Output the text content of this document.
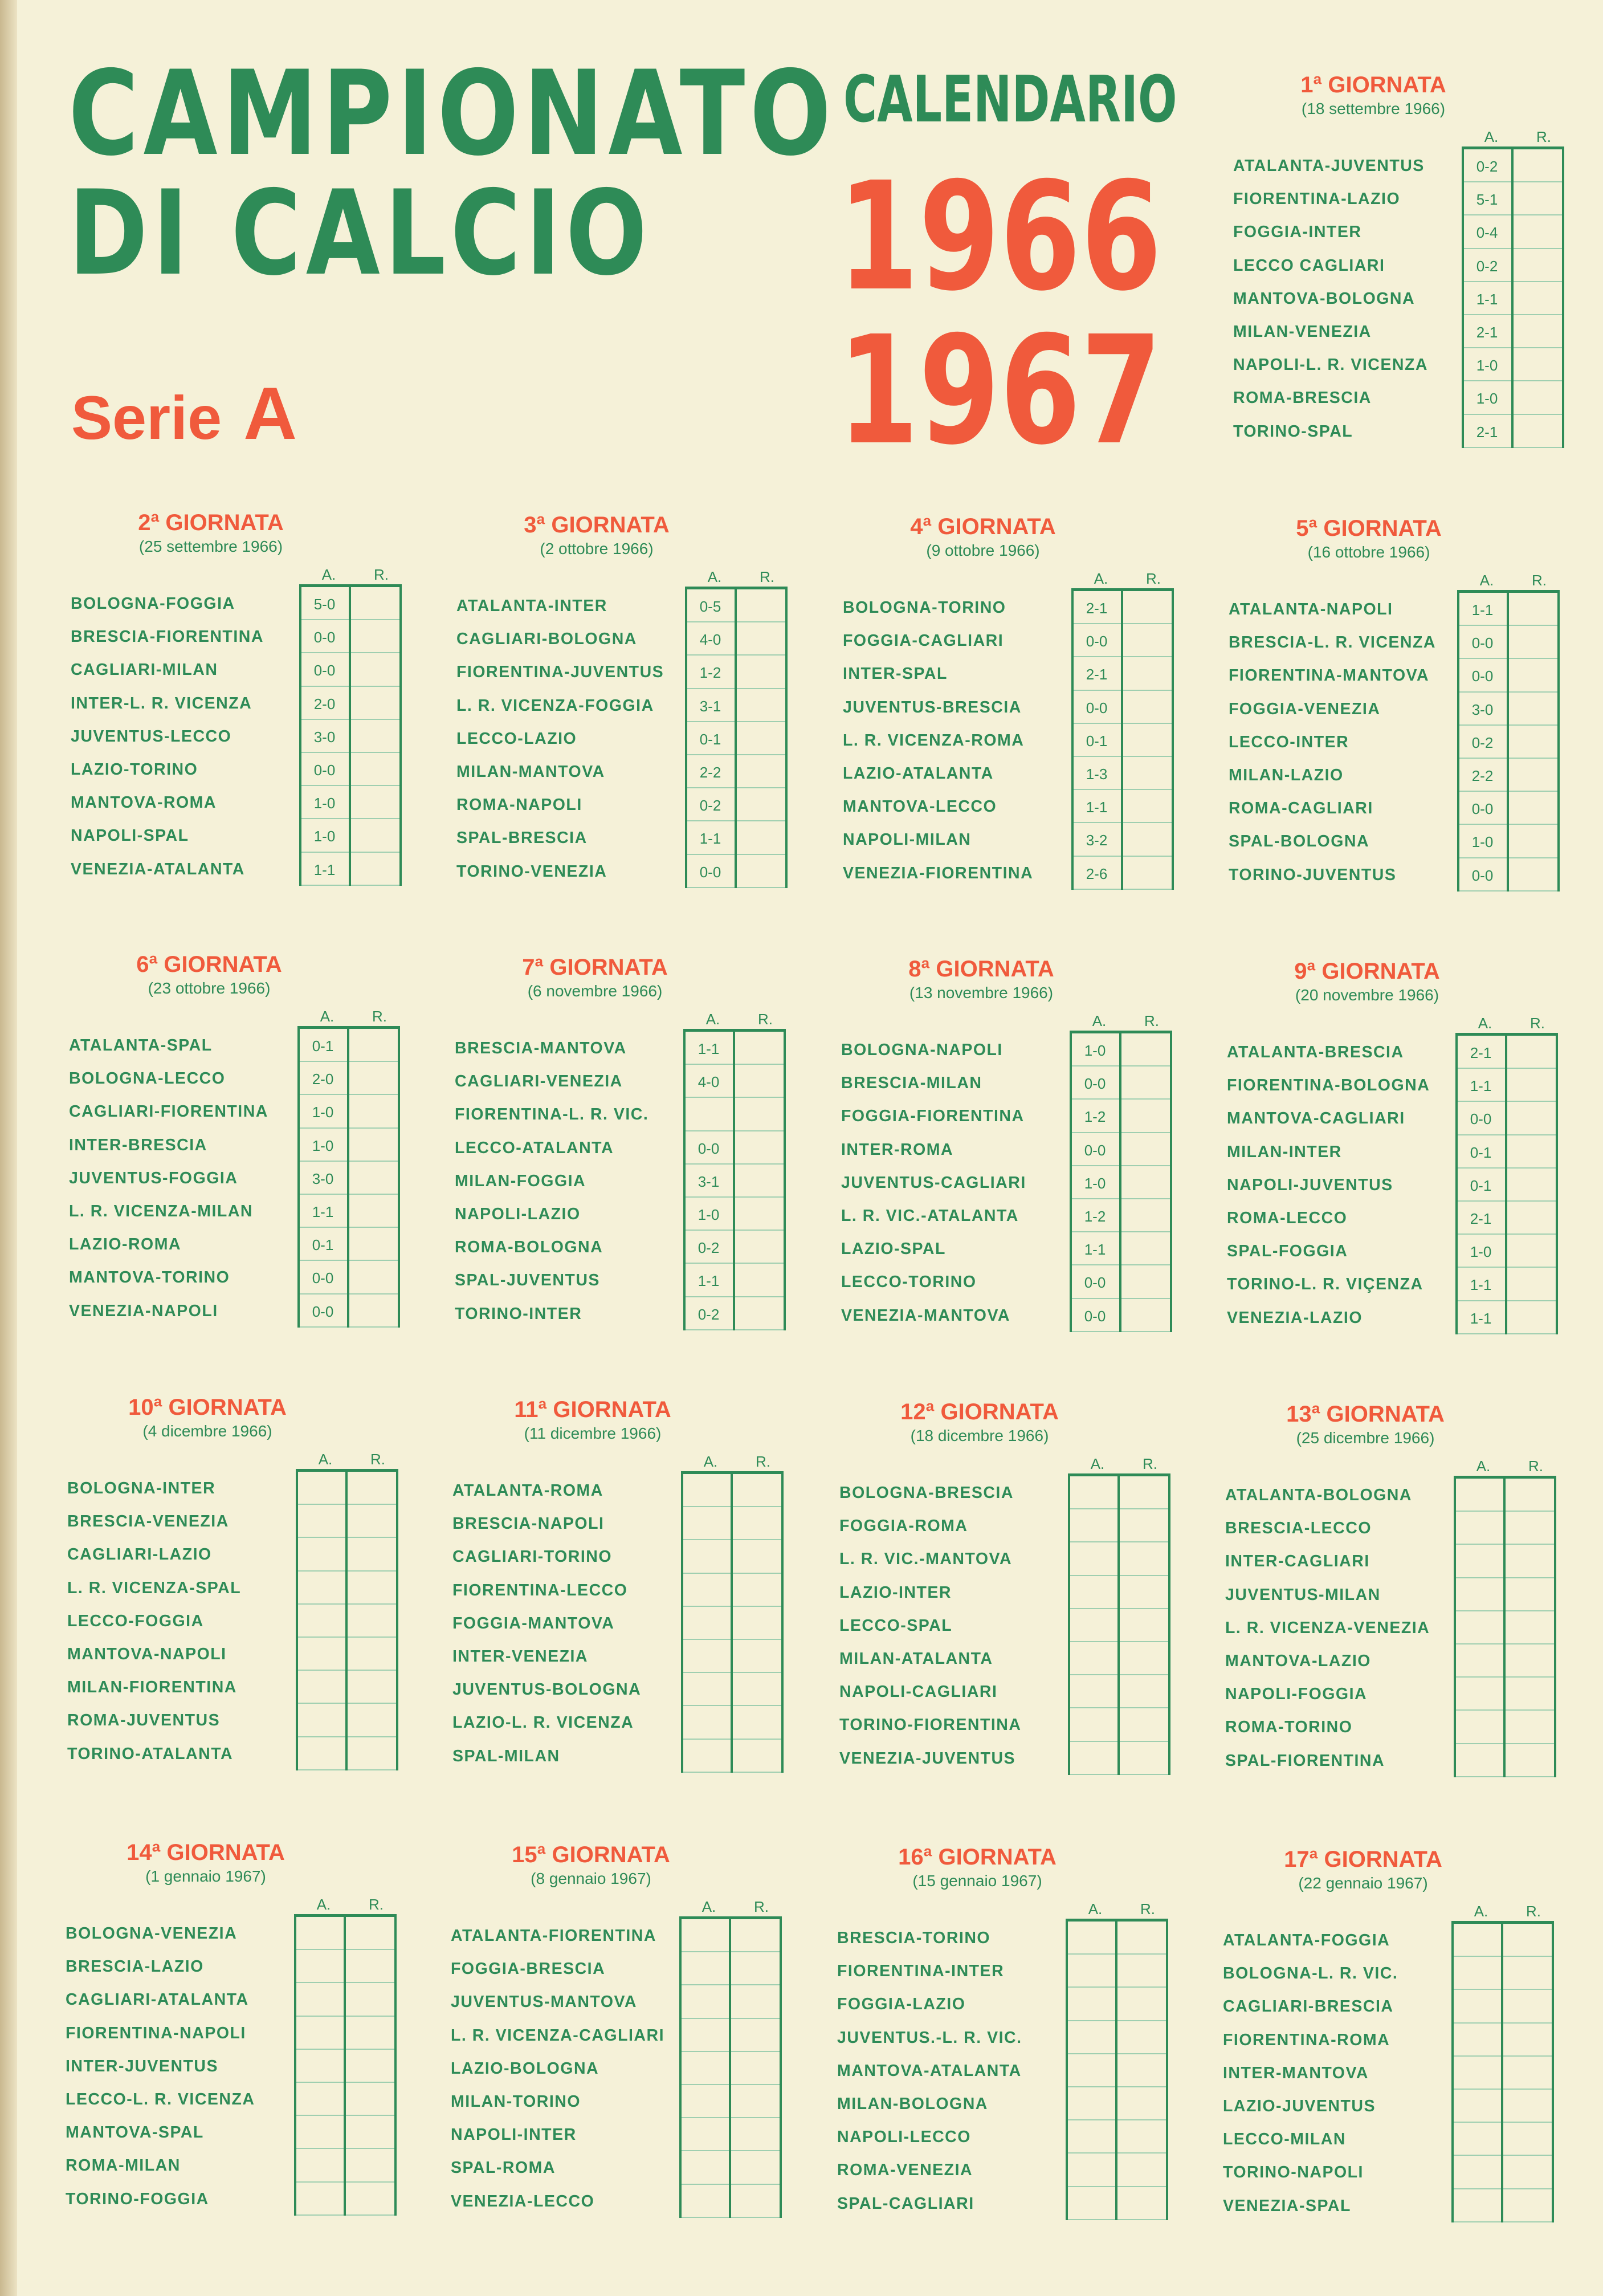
CAMPIONATO
DI CALCIO
Serie A
CALENDARIO
1966
1967
1ª GIORNATA
(18 settembre 1966)
A.	R.
ATALANTA-JUVENTUS	0-2
FIORENTINA-LAZIO	5-1
FOGGIA-INTER	0-4
LECCO CAGLIARI	0-2
MANTOVA-BOLOGNA	1-1
MILAN-VENEZIA	2-1
NAPOLI-L. R. VICENZA	1-0
ROMA-BRESCIA	1-0
TORINO-SPAL	2-1
2ª GIORNATA
(25 settembre 1966)
A.	R.
BOLOGNA-FOGGIA	5-0
BRESCIA-FIORENTINA	0-0
CAGLIARI-MILAN	0-0
INTER-L. R. VICENZA	2-0
JUVENTUS-LECCO	3-0
LAZIO-TORINO	0-0
MANTOVA-ROMA	1-0
NAPOLI-SPAL	1-0
VENEZIA-ATALANTA	1-1
3ª GIORNATA
(2 ottobre 1966)
A.	R.
ATALANTA-INTER	0-5
CAGLIARI-BOLOGNA	4-0
FIORENTINA-JUVENTUS	1-2
L. R. VICENZA-FOGGIA	3-1
LECCO-LAZIO	0-1
MILAN-MANTOVA	2-2
ROMA-NAPOLI	0-2
SPAL-BRESCIA	1-1
TORINO-VENEZIA	0-0
4ª GIORNATA
(9 ottobre 1966)
A.	R.
BOLOGNA-TORINO	2-1
FOGGIA-CAGLIARI	0-0
INTER-SPAL	2-1
JUVENTUS-BRESCIA	0-0
L. R. VICENZA-ROMA	0-1
LAZIO-ATALANTA	1-3
MANTOVA-LECCO	1-1
NAPOLI-MILAN	3-2
VENEZIA-FIORENTINA	2-6
5ª GIORNATA
(16 ottobre 1966)
A.	R.
ATALANTA-NAPOLI	1-1
BRESCIA-L. R. VICENZA	0-0
FIORENTINA-MANTOVA	0-0
FOGGIA-VENEZIA	3-0
LECCO-INTER	0-2
MILAN-LAZIO	2-2
ROMA-CAGLIARI	0-0
SPAL-BOLOGNA	1-0
TORINO-JUVENTUS	0-0
6ª GIORNATA
(23 ottobre 1966)
A.	R.
ATALANTA-SPAL	0-1
BOLOGNA-LECCO	2-0
CAGLIARI-FIORENTINA	1-0
INTER-BRESCIA	1-0
JUVENTUS-FOGGIA	3-0
L. R. VICENZA-MILAN	1-1
LAZIO-ROMA	0-1
MANTOVA-TORINO	0-0
VENEZIA-NAPOLI	0-0
7ª GIORNATA
(6 novembre 1966)
A.	R.
BRESCIA-MANTOVA	1-1
CAGLIARI-VENEZIA	4-0
FIORENTINA-L. R. VIC.
LECCO-ATALANTA	0-0
MILAN-FOGGIA	3-1
NAPOLI-LAZIO	1-0
ROMA-BOLOGNA	0-2
SPAL-JUVENTUS	1-1
TORINO-INTER	0-2
8ª GIORNATA
(13 novembre 1966)
A.	R.
BOLOGNA-NAPOLI	1-0
BRESCIA-MILAN	0-0
FOGGIA-FIORENTINA	1-2
INTER-ROMA	0-0
JUVENTUS-CAGLIARI	1-0
L. R. VIC.-ATALANTA	1-2
LAZIO-SPAL	1-1
LECCO-TORINO	0-0
VENEZIA-MANTOVA	0-0
9ª GIORNATA
(20 novembre 1966)
A.	R.
ATALANTA-BRESCIA	2-1
FIORENTINA-BOLOGNA	1-1
MANTOVA-CAGLIARI	0-0
MILAN-INTER	0-1
NAPOLI-JUVENTUS	0-1
ROMA-LECCO	2-1
SPAL-FOGGIA	1-0
TORINO-L. R. VIÇENZA	1-1
VENEZIA-LAZIO	1-1
10ª GIORNATA
(4 dicembre 1966)
A.	R.
BOLOGNA-INTER
BRESCIA-VENEZIA
CAGLIARI-LAZIO
L. R. VICENZA-SPAL
LECCO-FOGGIA
MANTOVA-NAPOLI
MILAN-FIORENTINA
ROMA-JUVENTUS
TORINO-ATALANTA
11ª GIORNATA
(11 dicembre 1966)
A.	R.
ATALANTA-ROMA
BRESCIA-NAPOLI
CAGLIARI-TORINO
FIORENTINA-LECCO
FOGGIA-MANTOVA
INTER-VENEZIA
JUVENTUS-BOLOGNA
LAZIO-L. R. VICENZA
SPAL-MILAN
12ª GIORNATA
(18 dicembre 1966)
A.	R.
BOLOGNA-BRESCIA
FOGGIA-ROMA
L. R. VIC.-MANTOVA
LAZIO-INTER
LECCO-SPAL
MILAN-ATALANTA
NAPOLI-CAGLIARI
TORINO-FIORENTINA
VENEZIA-JUVENTUS
13ª GIORNATA
(25 dicembre 1966)
A.	R.
ATALANTA-BOLOGNA
BRESCIA-LECCO
INTER-CAGLIARI
JUVENTUS-MILAN
L. R. VICENZA-VENEZIA
MANTOVA-LAZIO
NAPOLI-FOGGIA
ROMA-TORINO
SPAL-FIORENTINA
14ª GIORNATA
(1 gennaio 1967)
A.	R.
BOLOGNA-VENEZIA
BRESCIA-LAZIO
CAGLIARI-ATALANTA
FIORENTINA-NAPOLI
INTER-JUVENTUS
LECCO-L. R. VICENZA
MANTOVA-SPAL
ROMA-MILAN
TORINO-FOGGIA
15ª GIORNATA
(8 gennaio 1967)
A.	R.
ATALANTA-FIORENTINA
FOGGIA-BRESCIA
JUVENTUS-MANTOVA
L. R. VICENZA-CAGLIARI
LAZIO-BOLOGNA
MILAN-TORINO
NAPOLI-INTER
SPAL-ROMA
VENEZIA-LECCO
16ª GIORNATA
(15 gennaio 1967)
A.	R.
BRESCIA-TORINO
FIORENTINA-INTER
FOGGIA-LAZIO
JUVENTUS.-L. R. VIC.
MANTOVA-ATALANTA
MILAN-BOLOGNA
NAPOLI-LECCO
ROMA-VENEZIA
SPAL-CAGLIARI
17ª GIORNATA
(22 gennaio 1967)
A.	R.
ATALANTA-FOGGIA
BOLOGNA-L. R. VIC.
CAGLIARI-BRESCIA
FIORENTINA-ROMA
INTER-MANTOVA
LAZIO-JUVENTUS
LECCO-MILAN
TORINO-NAPOLI
VENEZIA-SPAL
